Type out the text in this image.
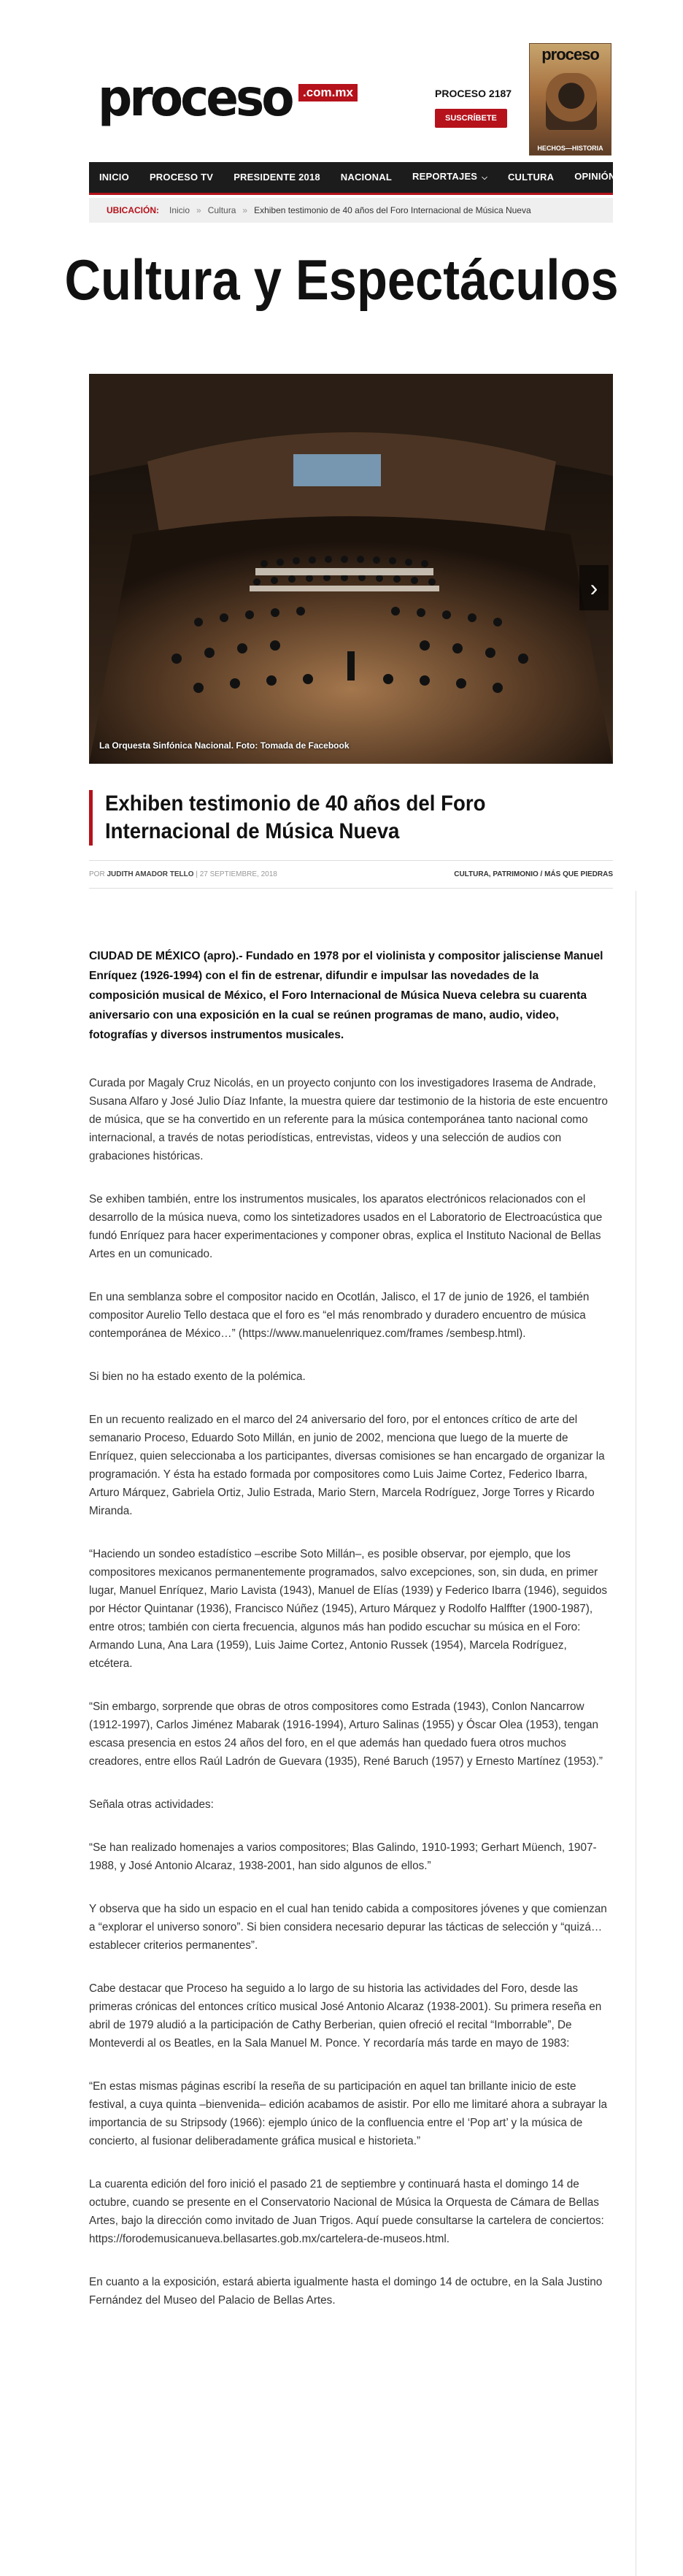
proceso .com.mx	PROCESO 2187
SUSCRÍBETE
proceso
HECHOS—HISTORIA
INICIO	PROCESO TV	PRESIDENTE 2018	NACIONAL	REPORTAJES ⌵	CULTURA	OPINIÓN ⌵
UBICACIÓN: Inicio » Cultura » Exhiben testimonio de 40 años del Foro Internacional de Música Nueva
Cultura y Espectáculos
La Orquesta Sinfónica Nacional. Foto: Tomada de Facebook
›
Exhiben testimonio de 40 años del Foro Internacional de Música Nueva
POR JUDITH AMADOR TELLO | 27 SEPTIEMBRE, 2018	CULTURA, PATRIMONIO / MÁS QUE PIEDRAS

CIUDAD DE MÉXICO (apro).- Fundado en 1978 por el violinista y compositor jalisciense Manuel Enríquez (1926-1994) con el fin de estrenar, difundir e impulsar las novedades de la composición musical de México, el Foro Internacional de Música Nueva celebra su cuarenta aniversario con una exposición en la cual se reúnen programas de mano, audio, video, fotografías y diversos instrumentos musicales.

Curada por Magaly Cruz Nicolás, en un proyecto conjunto con los investigadores Irasema de Andrade, Susana Alfaro y José Julio Díaz Infante, la muestra quiere dar testimonio de la historia de este encuentro de música, que se ha convertido en un referente para la música contemporánea tanto nacional como internacional, a través de notas periodísticas, entrevistas, videos y una selección de audios con grabaciones históricas.

Se exhiben también, entre los instrumentos musicales, los aparatos electrónicos relacionados con el desarrollo de la música nueva, como los sintetizadores usados en el Laboratorio de Electroacústica que fundó Enríquez para hacer experimentaciones y componer obras, explica el Instituto Nacional de Bellas Artes en un comunicado.

En una semblanza sobre el compositor nacido en Ocotlán, Jalisco, el 17 de junio de 1926, el también compositor Aurelio Tello destaca que el foro es “el más renombrado y duradero encuentro de música contemporánea de México…” (https://www.manuelenriquez.com/frames /sembesp.html).

Si bien no ha estado exento de la polémica.

En un recuento realizado en el marco del 24 aniversario del foro, por el entonces crítico de arte del semanario Proceso, Eduardo Soto Millán, en junio de 2002, menciona que luego de la muerte de Enríquez, quien seleccionaba a los participantes, diversas comisiones se han encargado de organizar la programación. Y ésta ha estado formada por compositores como Luis Jaime Cortez, Federico Ibarra, Arturo Márquez, Gabriela Ortiz, Julio Estrada, Mario Stern, Marcela Rodríguez, Jorge Torres y Ricardo Miranda.

“Haciendo un sondeo estadístico –escribe Soto Millán–, es posible observar, por ejemplo, que los compositores mexicanos permanentemente programados, salvo excepciones, son, sin duda, en primer lugar, Manuel Enríquez, Mario Lavista (1943), Manuel de Elías (1939) y Federico Ibarra (1946), seguidos por Héctor Quintanar (1936), Francisco Núñez (1945), Arturo Márquez y Rodolfo Halffter (1900-1987), entre otros; también con cierta frecuencia, algunos más han podido escuchar su música en el Foro: Armando Luna, Ana Lara (1959), Luis Jaime Cortez, Antonio Russek (1954), Marcela Rodríguez, etcétera.

“Sin embargo, sorprende que obras de otros compositores como Estrada (1943), Conlon Nancarrow (1912-1997), Carlos Jiménez Mabarak (1916-1994), Arturo Salinas (1955) y Óscar Olea (1953), tengan escasa presencia en estos 24 años del foro, en el que además han quedado fuera otros muchos creadores, entre ellos Raúl Ladrón de Guevara (1935), René Baruch (1957) y Ernesto Martínez (1953).”

Señala otras actividades:

“Se han realizado homenajes a varios compositores; Blas Galindo, 1910-1993; Gerhart Müench, 1907-1988, y José Antonio Alcaraz, 1938-2001, han sido algunos de ellos.”

Y observa que ha sido un espacio en el cual han tenido cabida a compositores jóvenes y que comienzan a “explorar el universo sonoro”. Si bien considera necesario depurar las tácticas de selección y “quizá… establecer criterios permanentes”.

Cabe destacar que Proceso ha seguido a lo largo de su historia las actividades del Foro, desde las primeras crónicas del entonces crítico musical José Antonio Alcaraz (1938-2001). Su primera reseña en abril de 1979 aludió a la participación de Cathy Berberian, quien ofreció el recital “Imborrable”, De Monteverdi al os Beatles, en la Sala Manuel M. Ponce. Y recordaría más tarde en mayo de 1983:

“En estas mismas páginas escribí la reseña de su participación en aquel tan brillante inicio de este festival, a cuya quinta –bienvenida– edición acabamos de asistir. Por ello me limitaré ahora a subrayar la importancia de su Stripsody (1966): ejemplo único de la confluencia entre el ‘Pop art’ y la música de concierto, al fusionar deliberadamente gráfica musical e historieta.”

La cuarenta edición del foro inició el pasado 21 de septiembre y continuará hasta el domingo 14 de octubre, cuando se presente en el Conservatorio Nacional de Música la Orquesta de Cámara de Bellas Artes, bajo la dirección como invitado de Juan Trigos. Aquí puede consultarse la cartelera de conciertos: https://forodemusicanueva.bellasartes.gob.mx/cartelera-de-museos.html.

En cuanto a la exposición, estará abierta igualmente hasta el domingo 14 de octubre, en la Sala Justino Fernández del Museo del Palacio de Bellas Artes.
